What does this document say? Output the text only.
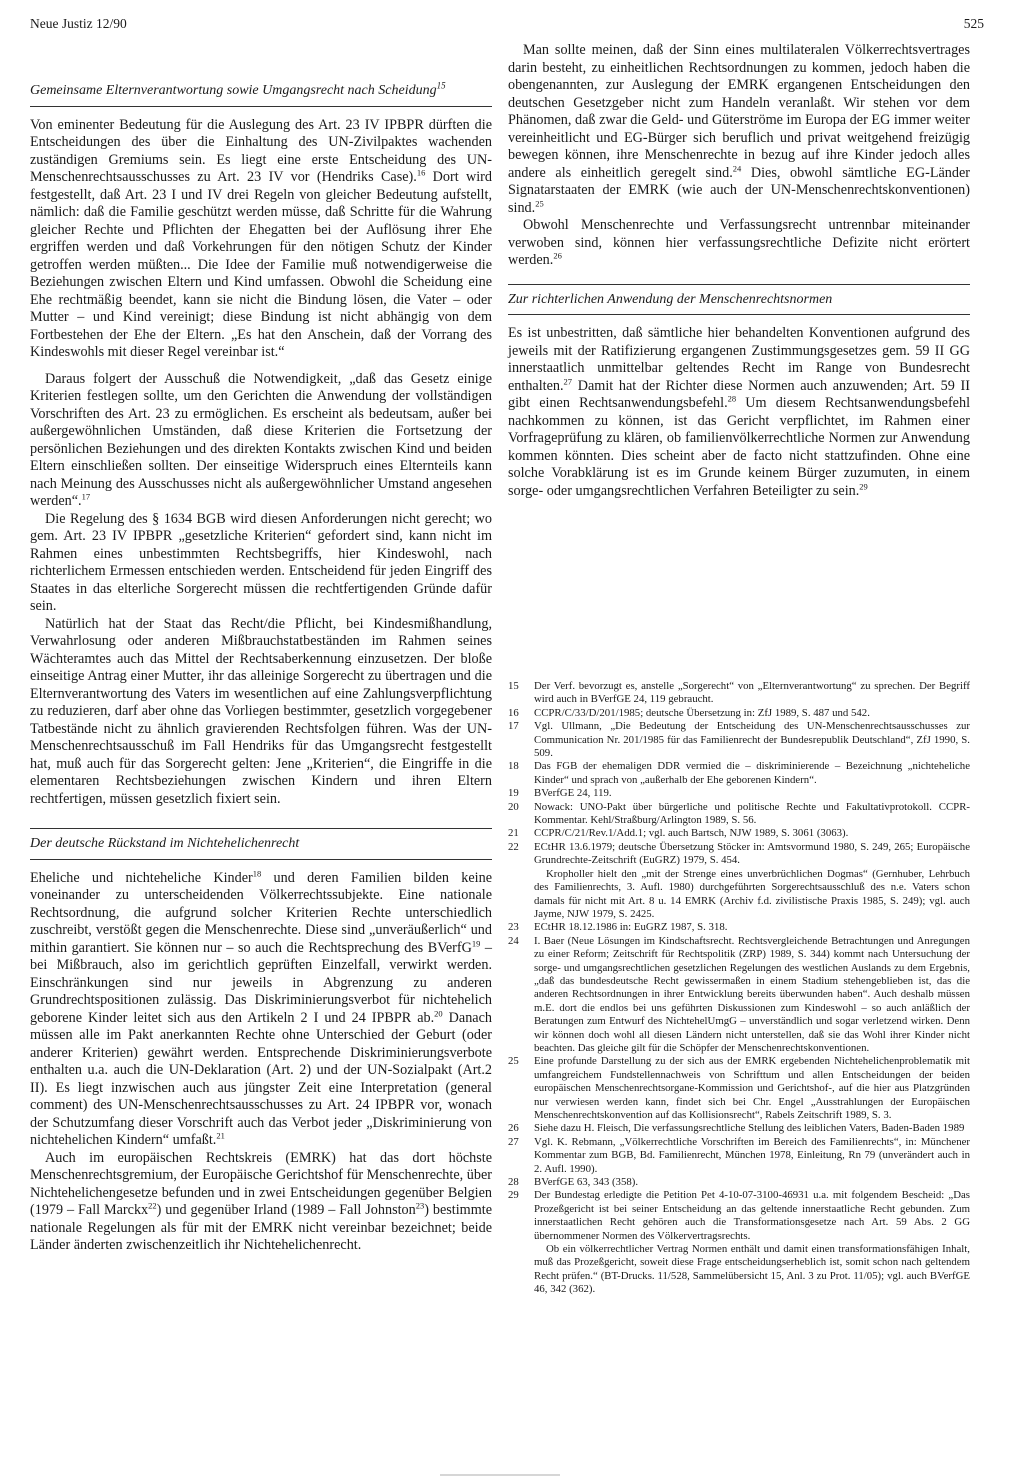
Neue Justiz 12/90	525
Gemeinsame Elternverantwortung sowie Umgangsrecht nach Scheidung$^{15}$

Von eminenter Bedeutung für die Auslegung des Art. 23 IV IPBPR dürften die Entscheidungen des über die Einhaltung des UN-Zivilpaktes wachenden zuständigen Gremiums sein. Es liegt eine erste Entscheidung des UN-Menschenrechtsausschusses zu Art. 23 IV vor (Hendriks Case).$^{16}$ Dort wird festgestellt, daß Art. 23 I und IV drei Regeln von gleicher Bedeutung aufstellt, nämlich: daß die Familie geschützt werden müsse, daß Schritte für die Wahrung gleicher Rechte und Pflichten der Ehegatten bei der Auflösung ihrer Ehe ergriffen werden und daß Vorkehrungen für den nötigen Schutz der Kinder getroffen werden müßten... Die Idee der Familie muß notwendigerweise die Beziehungen zwischen Eltern und Kind umfassen. Obwohl die Scheidung eine Ehe rechtmäßig beendet, kann sie nicht die Bindung lösen, die Vater – oder Mutter – und Kind vereinigt; diese Bindung ist nicht abhängig von dem Fortbestehen der Ehe der Eltern. „Es hat den Anschein, daß der Vorrang des Kindeswohls mit dieser Regel vereinbar ist.“

Daraus folgert der Ausschuß die Notwendigkeit, „daß das Gesetz einige Kriterien festlegen sollte, um den Gerichten die Anwendung der vollständigen Vorschriften des Art. 23 zu ermöglichen. Es erscheint als bedeutsam, außer bei außergewöhnlichen Umständen, daß diese Kriterien die Fortsetzung der persönlichen Beziehungen und des direkten Kontakts zwischen Kind und beiden Eltern einschließen sollten. Der einseitige Widerspruch eines Elternteils kann nach Meinung des Ausschusses nicht als außergewöhnlicher Umstand angesehen werden“.$^{17}$

Die Regelung des § 1634 BGB wird diesen Anforderungen nicht gerecht; wo gem. Art. 23 IV IPBPR „gesetzliche Kriterien“ gefordert sind, kann nicht im Rahmen eines unbestimmten Rechtsbegriffs, hier Kindeswohl, nach richterlichem Ermessen entschieden werden. Entscheidend für jeden Eingriff des Staates in das elterliche Sorgerecht müssen die rechtfertigenden Gründe dafür sein.

Natürlich hat der Staat das Recht/die Pflicht, bei Kindesmißhandlung, Verwahrlosung oder anderen Mißbrauchstatbeständen im Rahmen seines Wächteramtes auch das Mittel der Rechtsaberkennung einzusetzen. Der bloße einseitige Antrag einer Mutter, ihr das alleinige Sorgerecht zu übertragen und die Elternverantwortung des Vaters im wesentlichen auf eine Zahlungsverpflichtung zu reduzieren, darf aber ohne das Vorliegen bestimmter, gesetzlich vorgegebener Tatbestände nicht zu ähnlich gravierenden Rechtsfolgen führen. Was der UN-Menschenrechtsausschuß im Fall Hendriks für das Umgangsrecht festgestellt hat, muß auch für das Sorgerecht gelten: Jene „Kriterien“, die Eingriffe in die elementaren Rechtsbeziehungen zwischen Kindern und ihren Eltern rechtfertigen, müssen gesetzlich fixiert sein.

Der deutsche Rückstand im Nichtehelichenrecht

Eheliche und nichteheliche Kinder$^{18}$ und deren Familien bilden keine voneinander zu unterscheidenden Völkerrechtssubjekte. Eine nationale Rechtsordnung, die aufgrund solcher Kriterien Rechte unterschiedlich zuschreibt, verstößt gegen die Menschenrechte. Diese sind „unveräußerlich“ und mithin garantiert. Sie können nur – so auch die Rechtsprechung des BVerfG$^{19}$ – bei Mißbrauch, also im gerichtlich geprüften Einzelfall, verwirkt werden. Einschränkungen sind nur jeweils in Abgrenzung zu anderen Grundrechtspositionen zulässig. Das Diskriminierungsverbot für nichtehelich geborene Kinder leitet sich aus den Artikeln 2 I und 24 IPBPR ab.$^{20}$ Danach müssen alle im Pakt anerkannten Rechte ohne Unterschied der Geburt (oder anderer Kriterien) gewährt werden. Entsprechende Diskriminierungsverbote enthalten u.a. auch die UN-Deklaration (Art. 2) und der UN-Sozialpakt (Art.2 II). Es liegt inzwischen auch aus jüngster Zeit eine Interpretation (general comment) des UN-Menschenrechtsausschusses zu Art. 24 IPBPR vor, wonach der Schutzumfang dieser Vorschrift auch das Verbot jeder „Diskriminierung von nichtehelichen Kindern“ umfaßt.$^{21}$

Auch im europäischen Rechtskreis (EMRK) hat das dort höchste Menschenrechtsgremium, der Europäische Gerichtshof für Menschenrechte, über Nichtehelichengesetze befunden und in zwei Entscheidungen gegenüber Belgien (1979 – Fall Marckx$^{22}$) und gegenüber Irland (1989 – Fall Johnston$^{23}$) bestimmte nationale Regelungen als für mit der EMRK nicht vereinbar bezeichnet; beide Länder änderten zwischenzeitlich ihr Nichtehelichenrecht.

Man sollte meinen, daß der Sinn eines multilateralen Völkerrechtsvertrages darin besteht, zu einheitlichen Rechtsordnungen zu kommen, jedoch haben die obengenannten, zur Auslegung der EMRK ergangenen Entscheidungen den deutschen Gesetzgeber nicht zum Handeln veranlaßt. Wir stehen vor dem Phänomen, daß zwar die Geld- und Güterströme im Europa der EG immer weiter vereinheitlicht und EG-Bürger sich beruflich und privat weitgehend freizügig bewegen können, ihre Menschenrechte in bezug auf ihre Kinder jedoch alles andere als einheitlich geregelt sind.$^{24}$ Dies, obwohl sämtliche EG-Länder Signatarstaaten der EMRK (wie auch der UN-Menschenrechtskonventionen) sind.$^{25}$

Obwohl Menschenrechte und Verfassungsrecht untrennbar miteinander verwoben sind, können hier verfassungsrechtliche Defizite nicht erörtert werden.$^{26}$

Zur richterlichen Anwendung der Menschenrechtsnormen

Es ist unbestritten, daß sämtliche hier behandelten Konventionen aufgrund des jeweils mit der Ratifizierung ergangenen Zustimmungsgesetzes gem. 59 II GG innerstaatlich unmittelbar geltendes Recht im Range von Bundesrecht enthalten.$^{27}$ Damit hat der Richter diese Normen auch anzuwenden; Art. 59 II gibt einen Rechtsanwendungsbefehl.$^{28}$ Um diesem Rechtsanwendungsbefehl nachkommen zu können, ist das Gericht verpflichtet, im Rahmen einer Vorfrageprüfung zu klären, ob familienvölkerrechtliche Normen zur Anwendung kommen könnten. Dies scheint aber de facto nicht stattzufinden. Ohne eine solche Vorabklärung ist es im Grunde keinem Bürger zuzumuten, in einem sorge- oder umgangsrechtlichen Verfahren Beteiligter zu sein.$^{29}$

15	Der Verf. bevorzugt es, anstelle „Sorgerecht“ von „Elternverantwortung“ zu sprechen. Der Begriff wird auch in BVerfGE 24, 119 gebraucht.
16	CCPR/C/33/D/201/1985; deutsche Übersetzung in: ZfJ 1989, S. 487 und 542.
17	Vgl. Ullmann, „Die Bedeutung der Entscheidung des UN-Menschenrechtsausschusses zur Communication Nr. 201/1985 für das Familienrecht der Bundesrepublik Deutschland“, ZfJ 1990, S. 509.
18	Das FGB der ehemaligen DDR vermied die – diskriminierende – Bezeichnung „nichteheliche Kinder“ und sprach von „außerhalb der Ehe geborenen Kindern“.
19	BVerfGE 24, 119.
20	Nowack: UNO-Pakt über bürgerliche und politische Rechte und Fakultativprotokoll. CCPR-Kommentar. Kehl/Straßburg/Arlington 1989, S. 56.
21	CCPR/C/21/Rev.1/Add.1; vgl. auch Bartsch, NJW 1989, S. 3061 (3063).
22	ECtHR 13.6.1979; deutsche Übersetzung Stöcker in: Amtsvormund 1980, S. 249, 265; Europäische Grundrechte-Zeitschrift (EuGRZ) 1979, S. 454.
Kropholler hielt den „mit der Strenge eines unverbrüchlichen Dogmas“ (Gernhuber, Lehrbuch des Familienrechts, 3. Aufl. 1980) durchgeführten Sorgerechtsausschluß des n.e. Vaters schon damals für nicht mit Art. 8 u. 14 EMRK (Archiv f.d. zivilistische Praxis 1985, S. 249); vgl. auch Jayme, NJW 1979, S. 2425.
23	ECtHR 18.12.1986 in: EuGRZ 1987, S. 318.
24	I. Baer (Neue Lösungen im Kindschaftsrecht. Rechtsvergleichende Betrachtungen und Anregungen zu einer Reform; Zeitschrift für Rechtspolitik (ZRP) 1989, S. 344) kommt nach Untersuchung der sorge- und umgangsrechtlichen gesetzlichen Regelungen des westlichen Auslands zu dem Ergebnis, „daß das bundesdeutsche Recht gewissermaßen in einem Stadium stehengeblieben ist, das die anderen Rechtsordnungen in ihrer Entwicklung bereits überwunden haben“. Auch deshalb müssen m.E. dort die endlos bei uns geführten Diskussionen zum Kindeswohl – so auch anläßlich der Beratungen zum Entwurf des NichtehelUmgG – unverständlich und sogar verletzend wirken. Denn wir können doch wohl all diesen Ländern nicht unterstellen, daß sie das Wohl ihrer Kinder nicht beachten. Das gleiche gilt für die Schöpfer der Menschenrechtskonventionen.
25	Eine profunde Darstellung zu der sich aus der EMRK ergebenden Nichtehelichenproblematik mit umfangreichem Fundstellennachweis von Schrifttum und allen Entscheidungen der beiden europäischen Menschenrechtsorgane-Kommission und Gerichtshof-, auf die hier aus Platzgründen nur verwiesen werden kann, findet sich bei Chr. Engel „Ausstrahlungen der Europäischen Menschenrechtskonvention auf das Kollisionsrecht“, Rabels Zeitschrift 1989, S. 3.
26	Siehe dazu H. Fleisch, Die verfassungsrechtliche Stellung des leiblichen Vaters, Baden-Baden 1989
27	Vgl. K. Rebmann, „Völkerrechtliche Vorschriften im Bereich des Familienrechts“, in: Münchener Kommentar zum BGB, Bd. Familienrecht, München 1978, Einleitung, Rn 79 (unverändert auch in 2. Aufl. 1990).
28	BVerfGE 63, 343 (358).
29	Der Bundestag erledigte die Petition Pet 4-10-07-3100-46931 u.a. mit folgendem Bescheid: „Das Prozeßgericht ist bei seiner Entscheidung an das geltende innerstaatliche Recht gebunden. Zum innerstaatlichen Recht gehören auch die Transformationsgesetze nach Art. 59 Abs. 2 GG übernommener Normen des Völkervertragsrechts.
Ob ein völkerrechtlicher Vertrag Normen enthält und damit einen transformationsfähigen Inhalt, muß das Prozeßgericht, soweit diese Frage entscheidungserheblich ist, somit schon nach geltendem Recht prüfen.“ (BT-Drucks. 11/528, Sammelübersicht 15, Anl. 3 zu Prot. 11/05); vgl. auch BVerfGE 46, 342 (362).
